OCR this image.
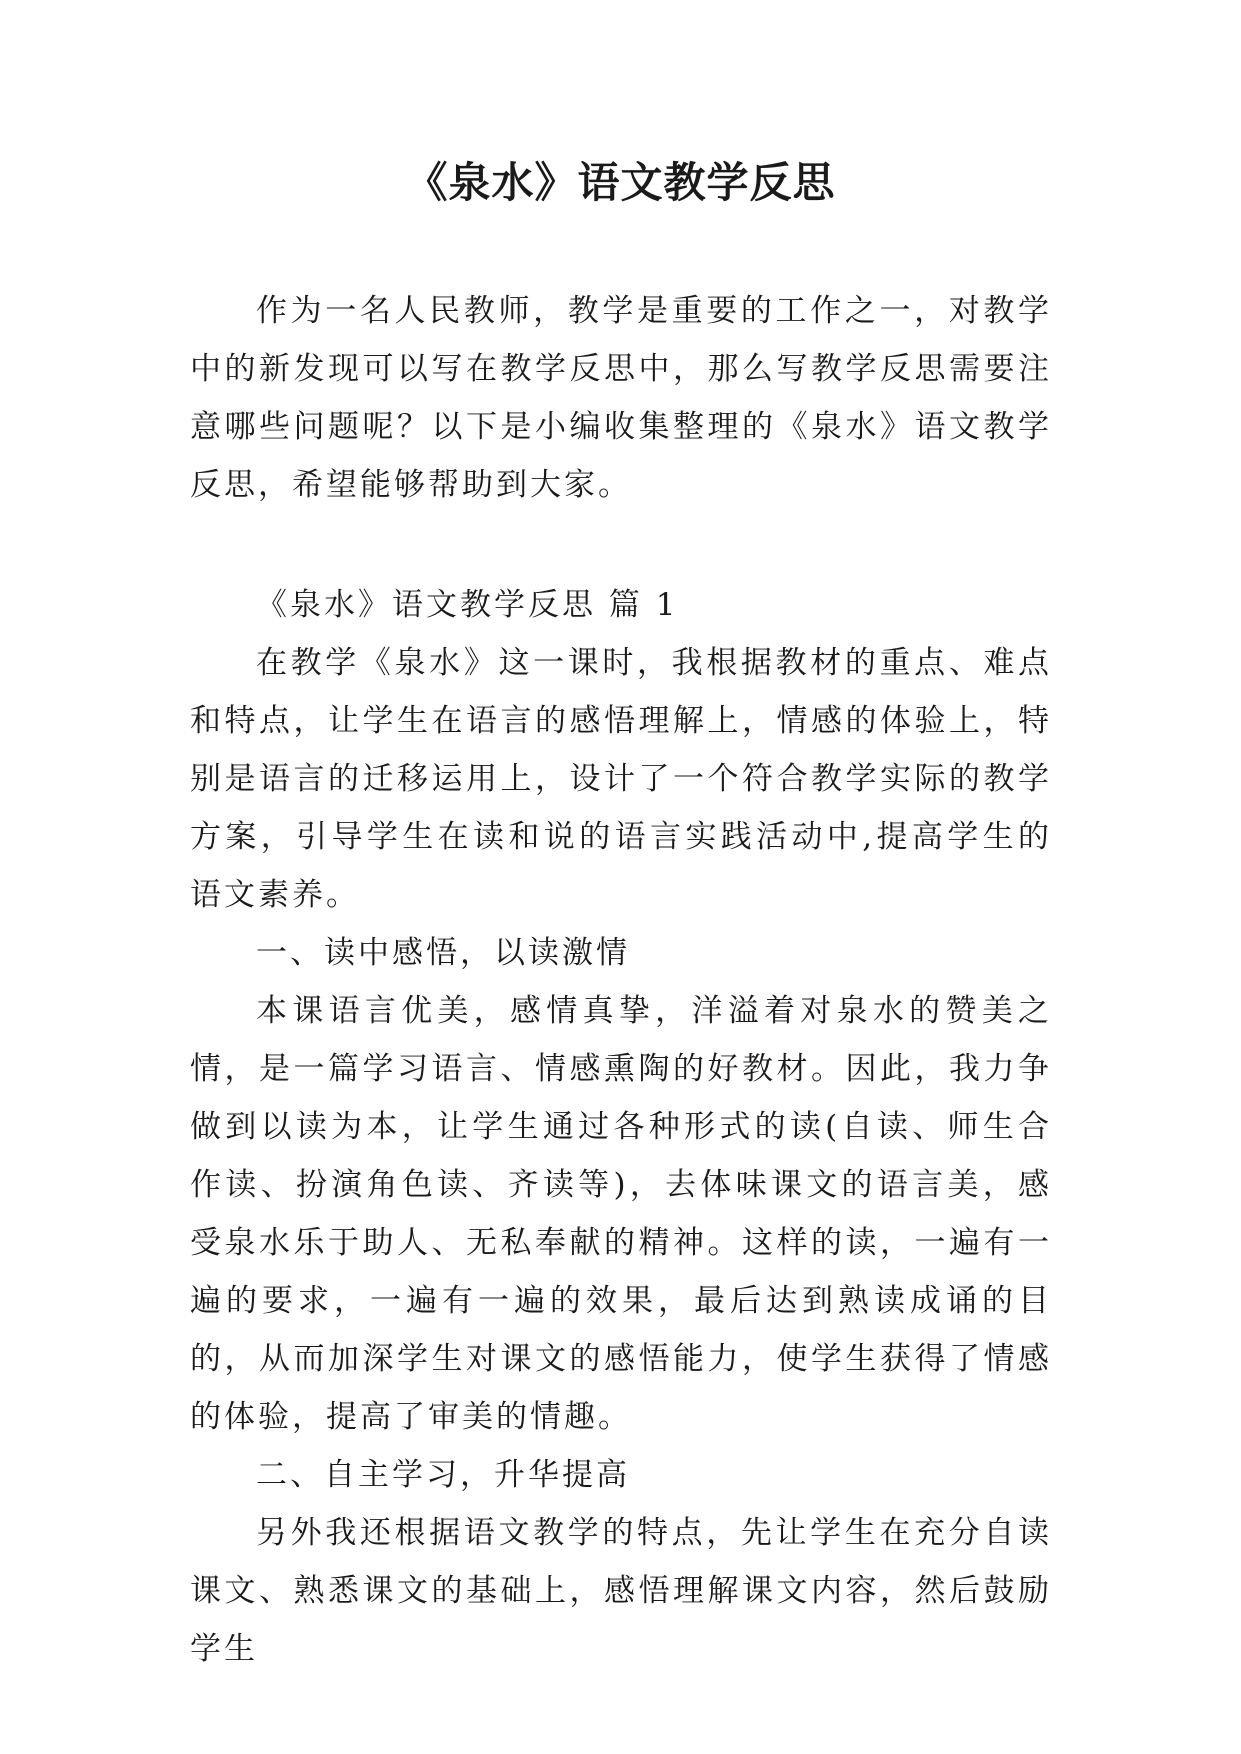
《泉水》语文教学反思

作为一名人民教师，教学是重要的工作之一，对教学中的新发现可以写在教学反思中，那么写教学反思需要注意哪些问题呢？以下是小编收集整理的《泉水》语文教学反思，希望能够帮助到大家。

《泉水》语文教学反思 篇 1

在教学《泉水》这一课时，我根据教材的重点、难点和特点，让学生在语言的感悟理解上，情感的体验上，特别是语言的迁移运用上，设计了一个符合教学实际的教学方案，引导学生在读和说的语言实践活动中,提高学生的语文素养。

一、读中感悟，以读激情

本课语言优美，感情真挚，洋溢着对泉水的赞美之情，是一篇学习语言、情感熏陶的好教材。因此，我力争做到以读为本，让学生通过各种形式的读(自读、师生合作读、扮演角色读、齐读等)，去体味课文的语言美，感受泉水乐于助人、无私奉献的精神。这样的读，一遍有一遍的要求，一遍有一遍的效果，最后达到熟读成诵的目的，从而加深学生对课文的感悟能力，使学生获得了情感的体验，提高了审美的情趣。

二、自主学习，升华提高

另外我还根据语文教学的特点，先让学生在充分自读课文、熟悉课文的基础上，感悟理解课文内容，然后鼓励学生
